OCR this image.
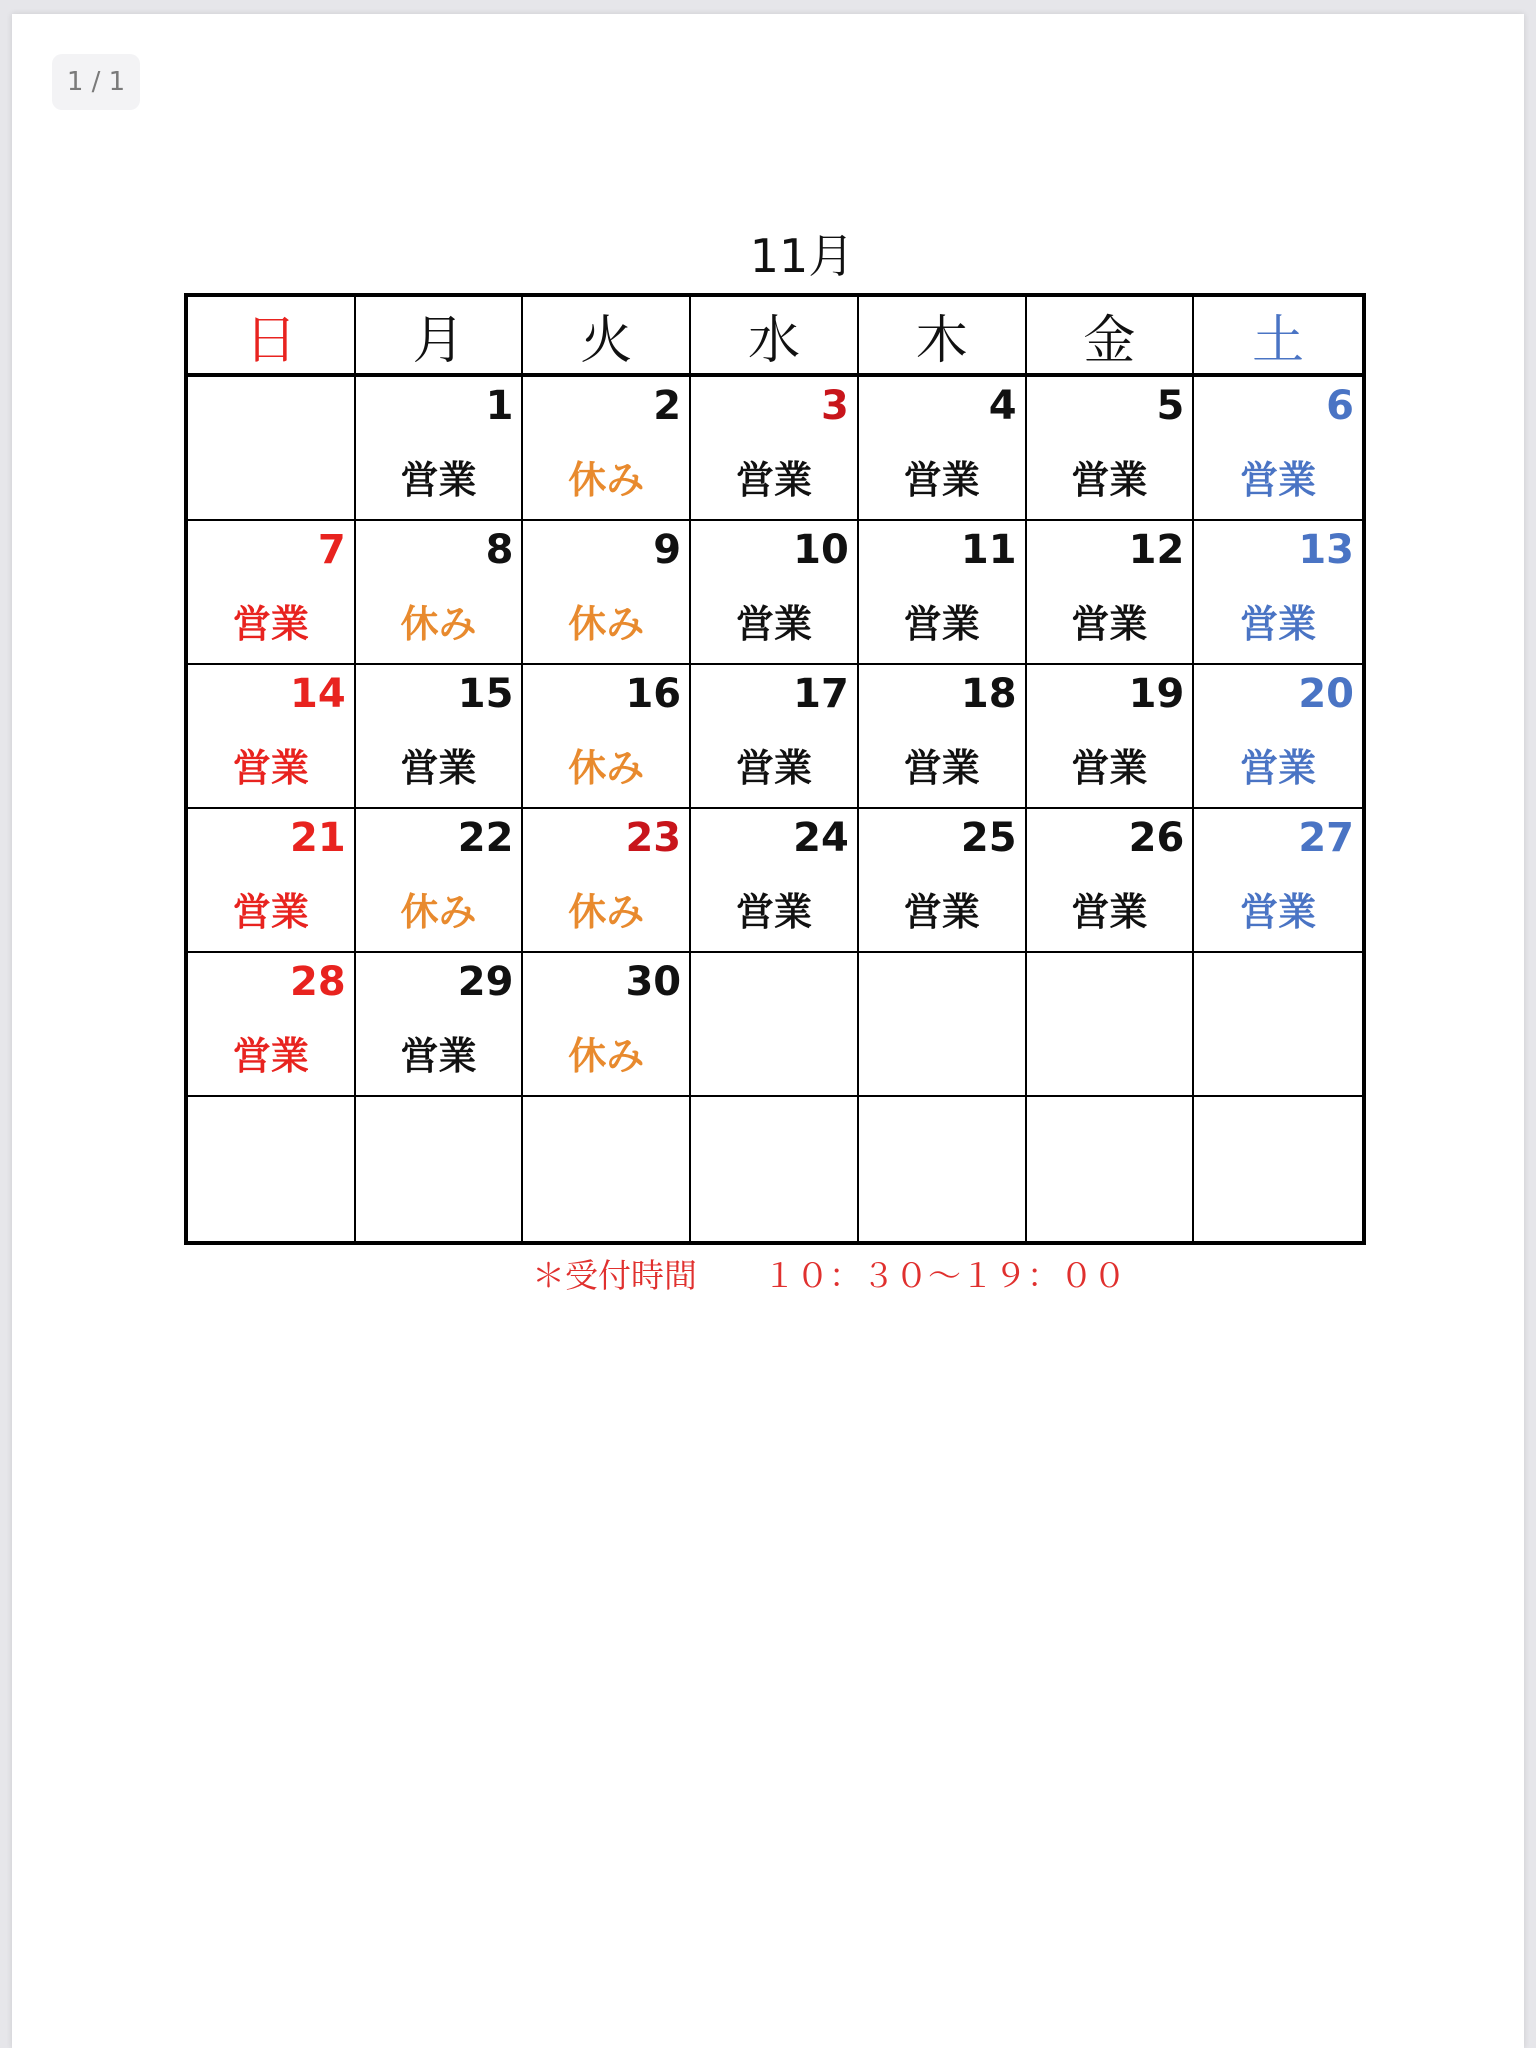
1 / 1
11月
日 月 火 水 木 金 土
1
営業
2
休み
3
営業
4
営業
5
営業
6
営業
7
営業
8
休み
9
休み
10
営業
11
営業
12
営業
13
営業
14
営業
15
営業
16
休み
17
営業
18
営業
19
営業
20
営業
21
営業
22
休み
23
休み
24
営業
25
営業
26
営業
27
営業
28
営業
29
営業
30
休み
＊受付時間　　１０：３０～１９：００
